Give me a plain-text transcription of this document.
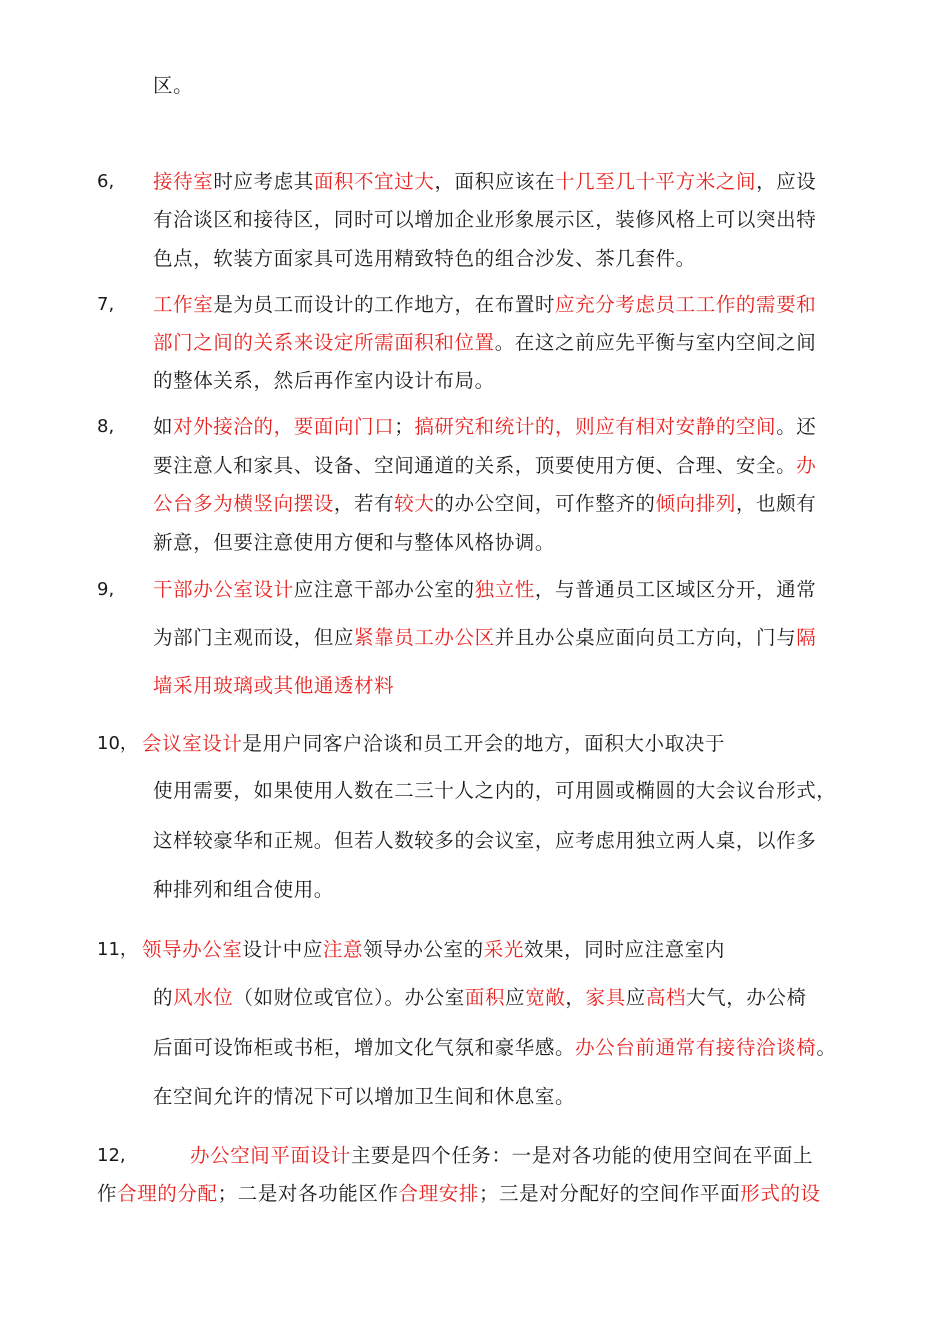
区。
6, 接待室时应考虑其面积不宜过大，面积应该在十几至几十平方米之间，应设
有洽谈区和接待区，同时可以增加企业形象展示区，装修风格上可以突出特
色点，软装方面家具可选用精致特色的组合沙发、茶几套件。
7, 工作室是为员工而设计的工作地方，在布置时应充分考虑员工工作的需要和
部门之间的关系来设定所需面积和位置。在这之前应先平衡与室内空间之间
的整体关系，然后再作室内设计布局。
8, 如对外接洽的，要面向门口；搞研究和统计的，则应有相对安静的空间。还
要注意人和家具、设备、空间通道的关系，顶要使用方便、合理、安全。办
公台多为横竖向摆设，若有较大的办公空间，可作整齐的倾向排列，也颇有
新意，但要注意使用方便和与整体风格协调。
9, 干部办公室设计应注意干部办公室的独立性，与普通员工区域区分开，通常
为部门主观而设，但应紧靠员工办公区并且办公桌应面向员工方向，门与隔
墙采用玻璃或其他通透材料
10， 会议室设计是用户同客户洽谈和员工开会的地方，面积大小取决于
使用需要，如果使用人数在二三十人之内的，可用圆或椭圆的大会议台形式，
这样较豪华和正规。但若人数较多的会议室，应考虑用独立两人桌，以作多
种排列和组合使用。
11， 领导办公室设计中应注意领导办公室的采光效果，同时应注意室内
的风水位（如财位或官位）。办公室面积应宽敞，家具应高档大气，办公椅
后面可设饰柜或书柜，增加文化气氛和豪华感。办公台前通常有接待洽谈椅。
在空间允许的情况下可以增加卫生间和休息室。
12,	办公空间平面设计主要是四个任务：一是对各功能的使用空间在平面上
作合理的分配；二是对各功能区作合理安排；三是对分配好的空间作平面形式的设
